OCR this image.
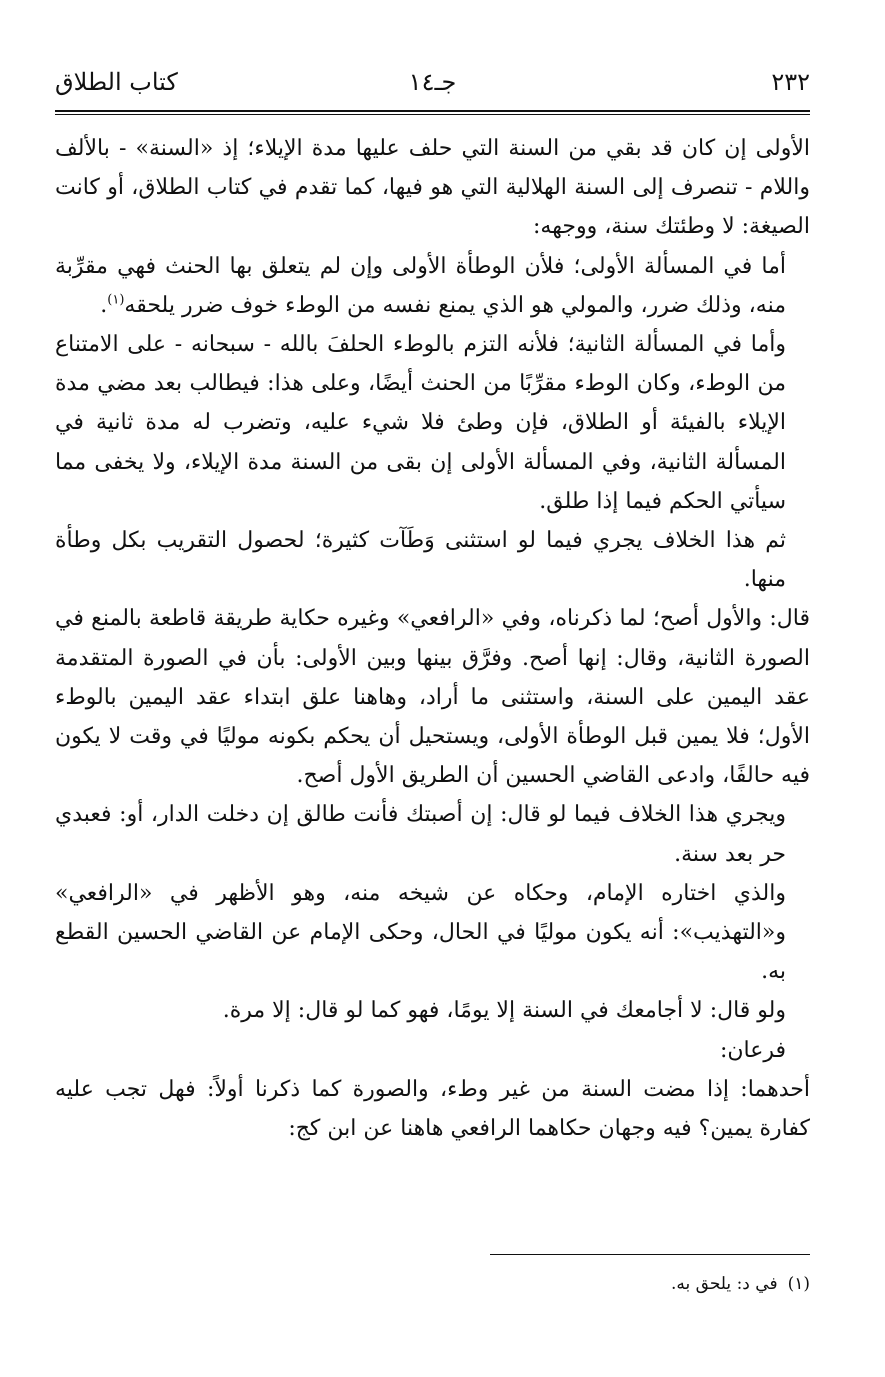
٢٣٢
جـ١٤
كتاب الطلاق

الأولى إن كان قد بقي من السنة التي حلف عليها مدة الإيلاء؛ إذ «السنة» - بالألف واللام - تنصرف إلى السنة الهلالية التي هو فيها، كما تقدم في كتاب الطلاق، أو كانت الصيغة: لا وطئتك سنة، ووجهه:

أما في المسألة الأولى؛ فلأن الوطأة الأولى وإن لم يتعلق بها الحنث فهي مقرِّبة منه، وذلك ضرر، والمولي هو الذي يمنع نفسه من الوطء خوف ضرر يلحقه$^{(١)}$.

وأما في المسألة الثانية؛ فلأنه التزم بالوطء الحلفَ بالله - سبحانه - على الامتناع من الوطء، وكان الوطء مقرِّبًا من الحنث أيضًا، وعلى هذا: فيطالب بعد مضي مدة الإيلاء بالفيئة أو الطلاق، فإن وطئ فلا شيء عليه، وتضرب له مدة ثانية في المسألة الثانية، وفي المسألة الأولى إن بقى من السنة مدة الإيلاء، ولا يخفى مما سيأتي الحكم فيما إذا طلق.

ثم هذا الخلاف يجري فيما لو استثنى وَطَآت كثيرة؛ لحصول التقريب بكل وطأة منها.

قال: والأول أصح؛ لما ذكرناه، وفي «الرافعي» وغيره حكاية طريقة قاطعة بالمنع في الصورة الثانية، وقال: إنها أصح. وفرَّق بينها وبين الأولى: بأن في الصورة المتقدمة عقد اليمين على السنة، واستثنى ما أراد، وهاهنا علق ابتداء عقد اليمين بالوطء الأول؛ فلا يمين قبل الوطأة الأولى، ويستحيل أن يحكم بكونه موليًا في وقت لا يكون فيه حالفًا، وادعى القاضي الحسين أن الطريق الأول أصح.

ويجري هذا الخلاف فيما لو قال: إن أصبتك فأنت طالق إن دخلت الدار، أو: فعبدي حر بعد سنة.

والذي اختاره الإمام، وحكاه عن شيخه منه، وهو الأظهر في «الرافعي» و«التهذيب»: أنه يكون موليًا في الحال، وحكى الإمام عن القاضي الحسين القطع به.

ولو قال: لا أجامعك في السنة إلا يومًا، فهو كما لو قال: إلا مرة.

فرعان:

أحدهما: إذا مضت السنة من غير وطء، والصورة كما ذكرنا أولاً: فهل تجب عليه كفارة يمين؟ فيه وجهان حكاهما الرافعي هاهنا عن ابن كج:

(١)في د: يلحق به.
